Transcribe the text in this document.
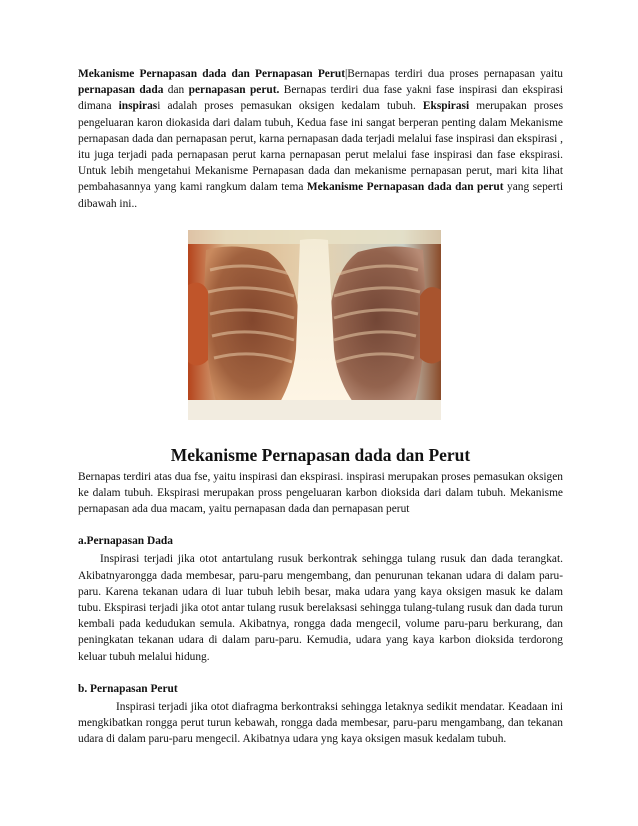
Mekanisme Pernapasan dada dan Pernapasan Perut|Bernapas terdiri dua proses pernapasan yaitu pernapasan dada dan pernapasan perut. Bernapas terdiri dua fase yakni fase inspirasi dan ekspirasi dimana inspirasi adalah proses pemasukan oksigen kedalam tubuh. Ekspirasi merupakan proses pengeluaran karon diokasida dari dalam tubuh, Kedua fase ini sangat berperan penting dalam Mekanisme pernapasan dada dan pernapasan perut, karna pernapasan dada terjadi melalui fase inspirasi dan ekspirasi , itu juga terjadi pada pernapasan perut karna pernapasan perut melalui fase inspirasi dan fase ekspirasi. Untuk lebih mengetahui Mekanisme Pernapasan dada dan mekanisme pernapasan perut, mari kita lihat pembahasannya yang kami rangkum dalam tema Mekanisme Pernapasan dada dan perut yang seperti dibawah ini..

Mekanisme Pernapasan dada dan Perut

Bernapas terdiri atas dua fse, yaitu inspirasi dan ekspirasi. inspirasi merupakan proses pemasukan oksigen ke dalam tubuh. Ekspirasi merupakan pross pengeluaran karbon dioksida dari dalam tubuh. Mekanisme pernapasan ada dua macam, yaitu pernapasan dada dan pernapasan perut

a.Pernapasan Dada

Inspirasi terjadi jika otot antartulang rusuk berkontrak sehingga tulang rusuk dan dada terangkat. Akibatnyarongga dada membesar, paru-paru mengembang, dan penurunan tekanan udara di dalam paru-paru. Karena tekanan udara di luar tubuh lebih besar, maka udara yang kaya oksigen masuk ke dalam tubu. Ekspirasi terjadi jika otot antar tulang rusuk berelaksasi sehingga tulang-tulang rusuk dan dada turun kembali pada kedudukan semula. Akibatnya, rongga dada mengecil, volume paru-paru berkurang, dan peningkatan tekanan udara di dalam paru-paru. Kemudia, udara yang kaya karbon dioksida terdorong keluar tubuh melalui hidung.

b. Pernapasan Perut

Inspirasi terjadi jika otot diafragma berkontraksi sehingga letaknya sedikit mendatar. Keadaan ini mengkibatkan rongga perut turun kebawah, rongga dada membesar, paru-paru mengambang, dan tekanan udara di dalam paru-paru mengecil. Akibatnya udara yng kaya oksigen masuk kedalam tubuh.
